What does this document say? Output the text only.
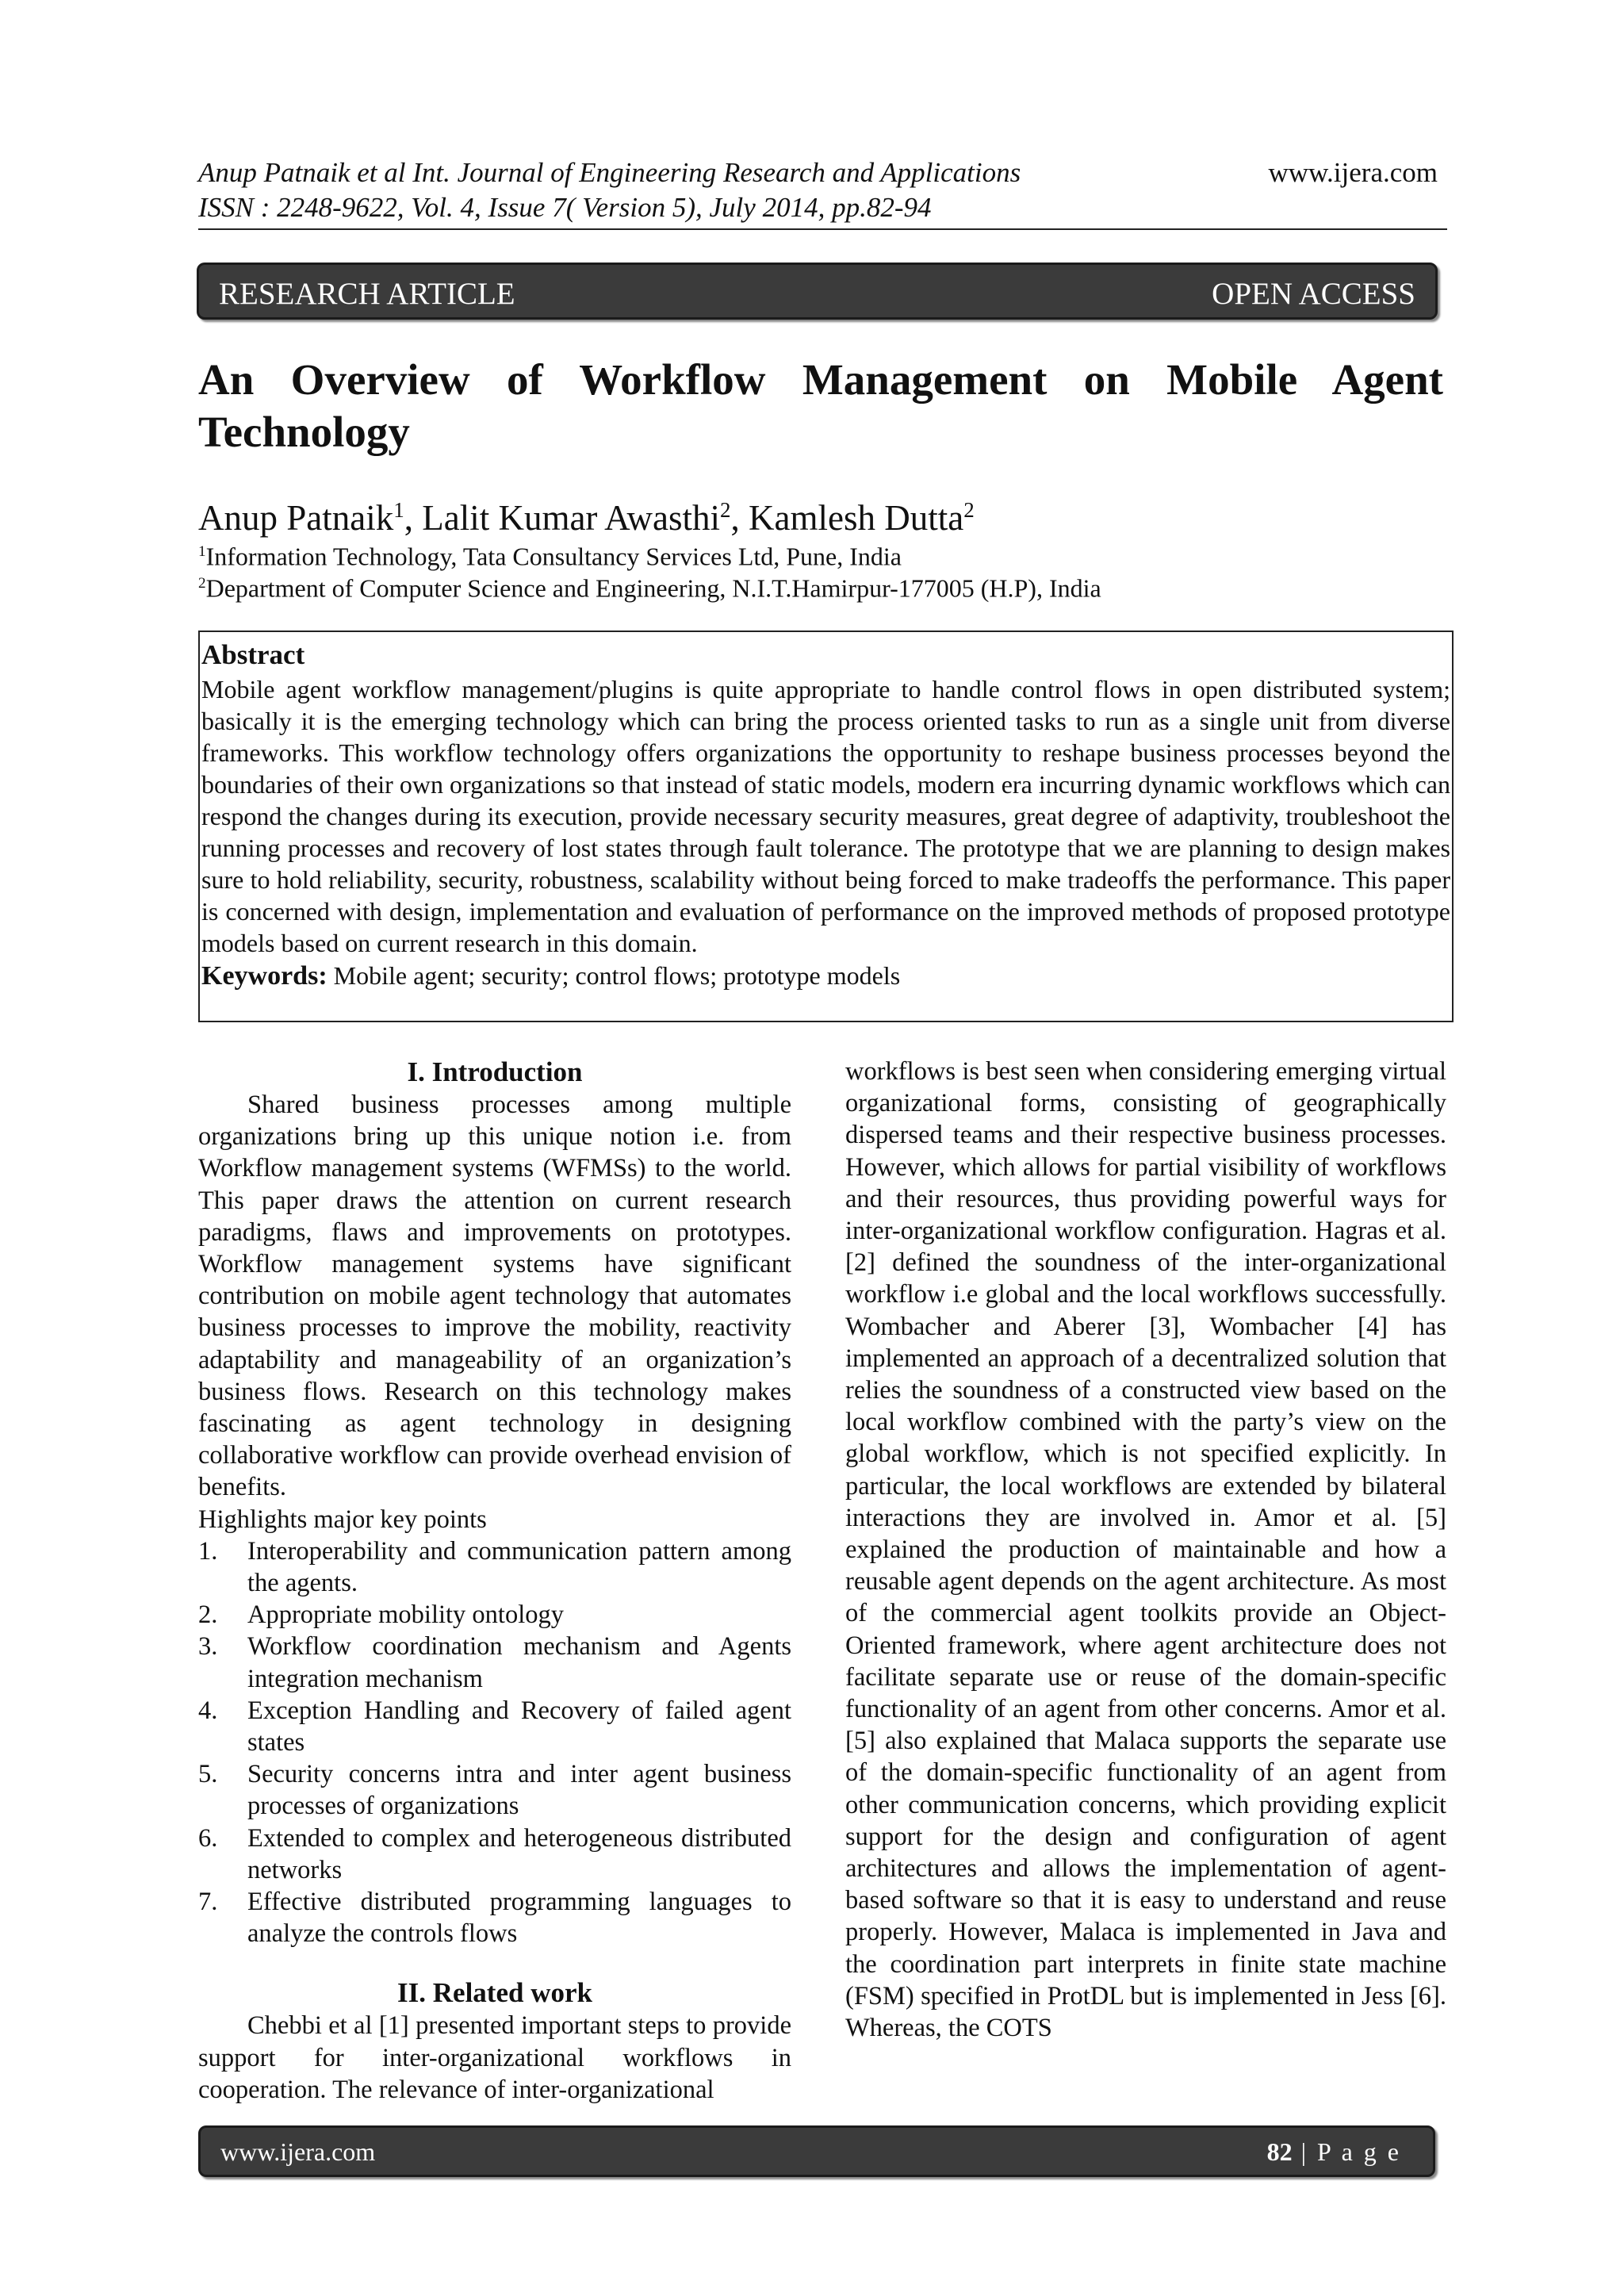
Anup Patnaik et al Int. Journal of Engineering Research and Applications
ISSN : 2248-9622, Vol. 4, Issue 7( Version 5), July 2014, pp.82-94
www.ijera.com
RESEARCH ARTICLE	OPEN ACCESS
An Overview of Workflow Management on Mobile Agent
Technology
Anup Patnaik$^1$, Lalit Kumar Awasthi$^2$, Kamlesh Dutta$^2$
$^1$Information Technology, Tata Consultancy Services Ltd, Pune, India
$^2$Department of Computer Science and Engineering, N.I.T.Hamirpur-177005 (H.P), India
Abstract
Mobile agent workflow management/plugins is quite appropriate to handle control flows in open distributed system; basically it is the emerging technology which can bring the process oriented tasks to run as a single unit from diverse frameworks. This workflow technology offers organizations the opportunity to reshape business processes beyond the boundaries of their own organizations so that instead of static models, modern era incurring dynamic workflows which can respond the changes during its execution, provide necessary security measures, great degree of adaptivity, troubleshoot the running processes and recovery of lost states through fault tolerance. The prototype that we are planning to design makes sure to hold reliability, security, robustness, scalability without being forced to make tradeoffs the performance. This paper is concerned with design, implementation and evaluation of performance on the improved methods of proposed prototype models based on current research in this domain.
Keywords: Mobile agent; security; control flows; prototype models
I. Introduction

Shared business processes among multiple organizations bring up this unique notion i.e. from Workflow management systems (WFMSs) to the world. This paper draws the attention on current research paradigms, flaws and improvements on prototypes. Workflow management systems have significant contribution on mobile agent technology that automates business processes to improve the mobility, reactivity adaptability and manageability of an organization’s business flows. Research on this technology makes fascinating as agent technology in designing collaborative workflow can provide overhead envision of benefits.

Highlights major key points

1. Interoperability and communication pattern among the agents.
2. Appropriate mobility ontology
3. Workflow coordination mechanism and Agents integration mechanism
4. Exception Handling and Recovery of failed agent states
5. Security concerns intra and inter agent business processes of organizations
6. Extended to complex and heterogeneous distributed networks
7. Effective distributed programming languages to analyze the controls flows
II. Related work

Chebbi et al [1] presented important steps to provide support for inter-organizational workflows in cooperation. The relevance of inter-organizational

workflows is best seen when considering emerging virtual organizational forms, consisting of geographically dispersed teams and their respective business processes. However, which allows for partial visibility of workflows and their resources, thus providing powerful ways for inter-organizational workflow configuration. Hagras et al. [2] defined the soundness of the inter-organizational workflow i.e global and the local workflows successfully. Wombacher and Aberer [3], Wombacher [4] has implemented an approach of a decentralized solution that relies the soundness of a constructed view based on the local workflow combined with the party’s view on the global workflow, which is not specified explicitly. In particular, the local workflows are extended by bilateral interactions they are involved in. Amor et al. [5] explained the production of maintainable and how a reusable agent depends on the agent architecture. As most of the commercial agent toolkits provide an Object-Oriented framework, where agent architecture does not facilitate separate use or reuse of the domain-specific functionality of an agent from other concerns. Amor et al. [5] also explained that Malaca supports the separate use of the domain-specific functionality of an agent from other communication concerns, which providing explicit support for the design and configuration of agent architectures and allows the implementation of agent-based software so that it is easy to understand and reuse properly. However, Malaca is implemented in Java and the coordination part interprets in finite state machine (FSM) specified in ProtDL but is implemented in Jess [6]. Whereas, the COTS

www.ijera.com	82 | P a g e
